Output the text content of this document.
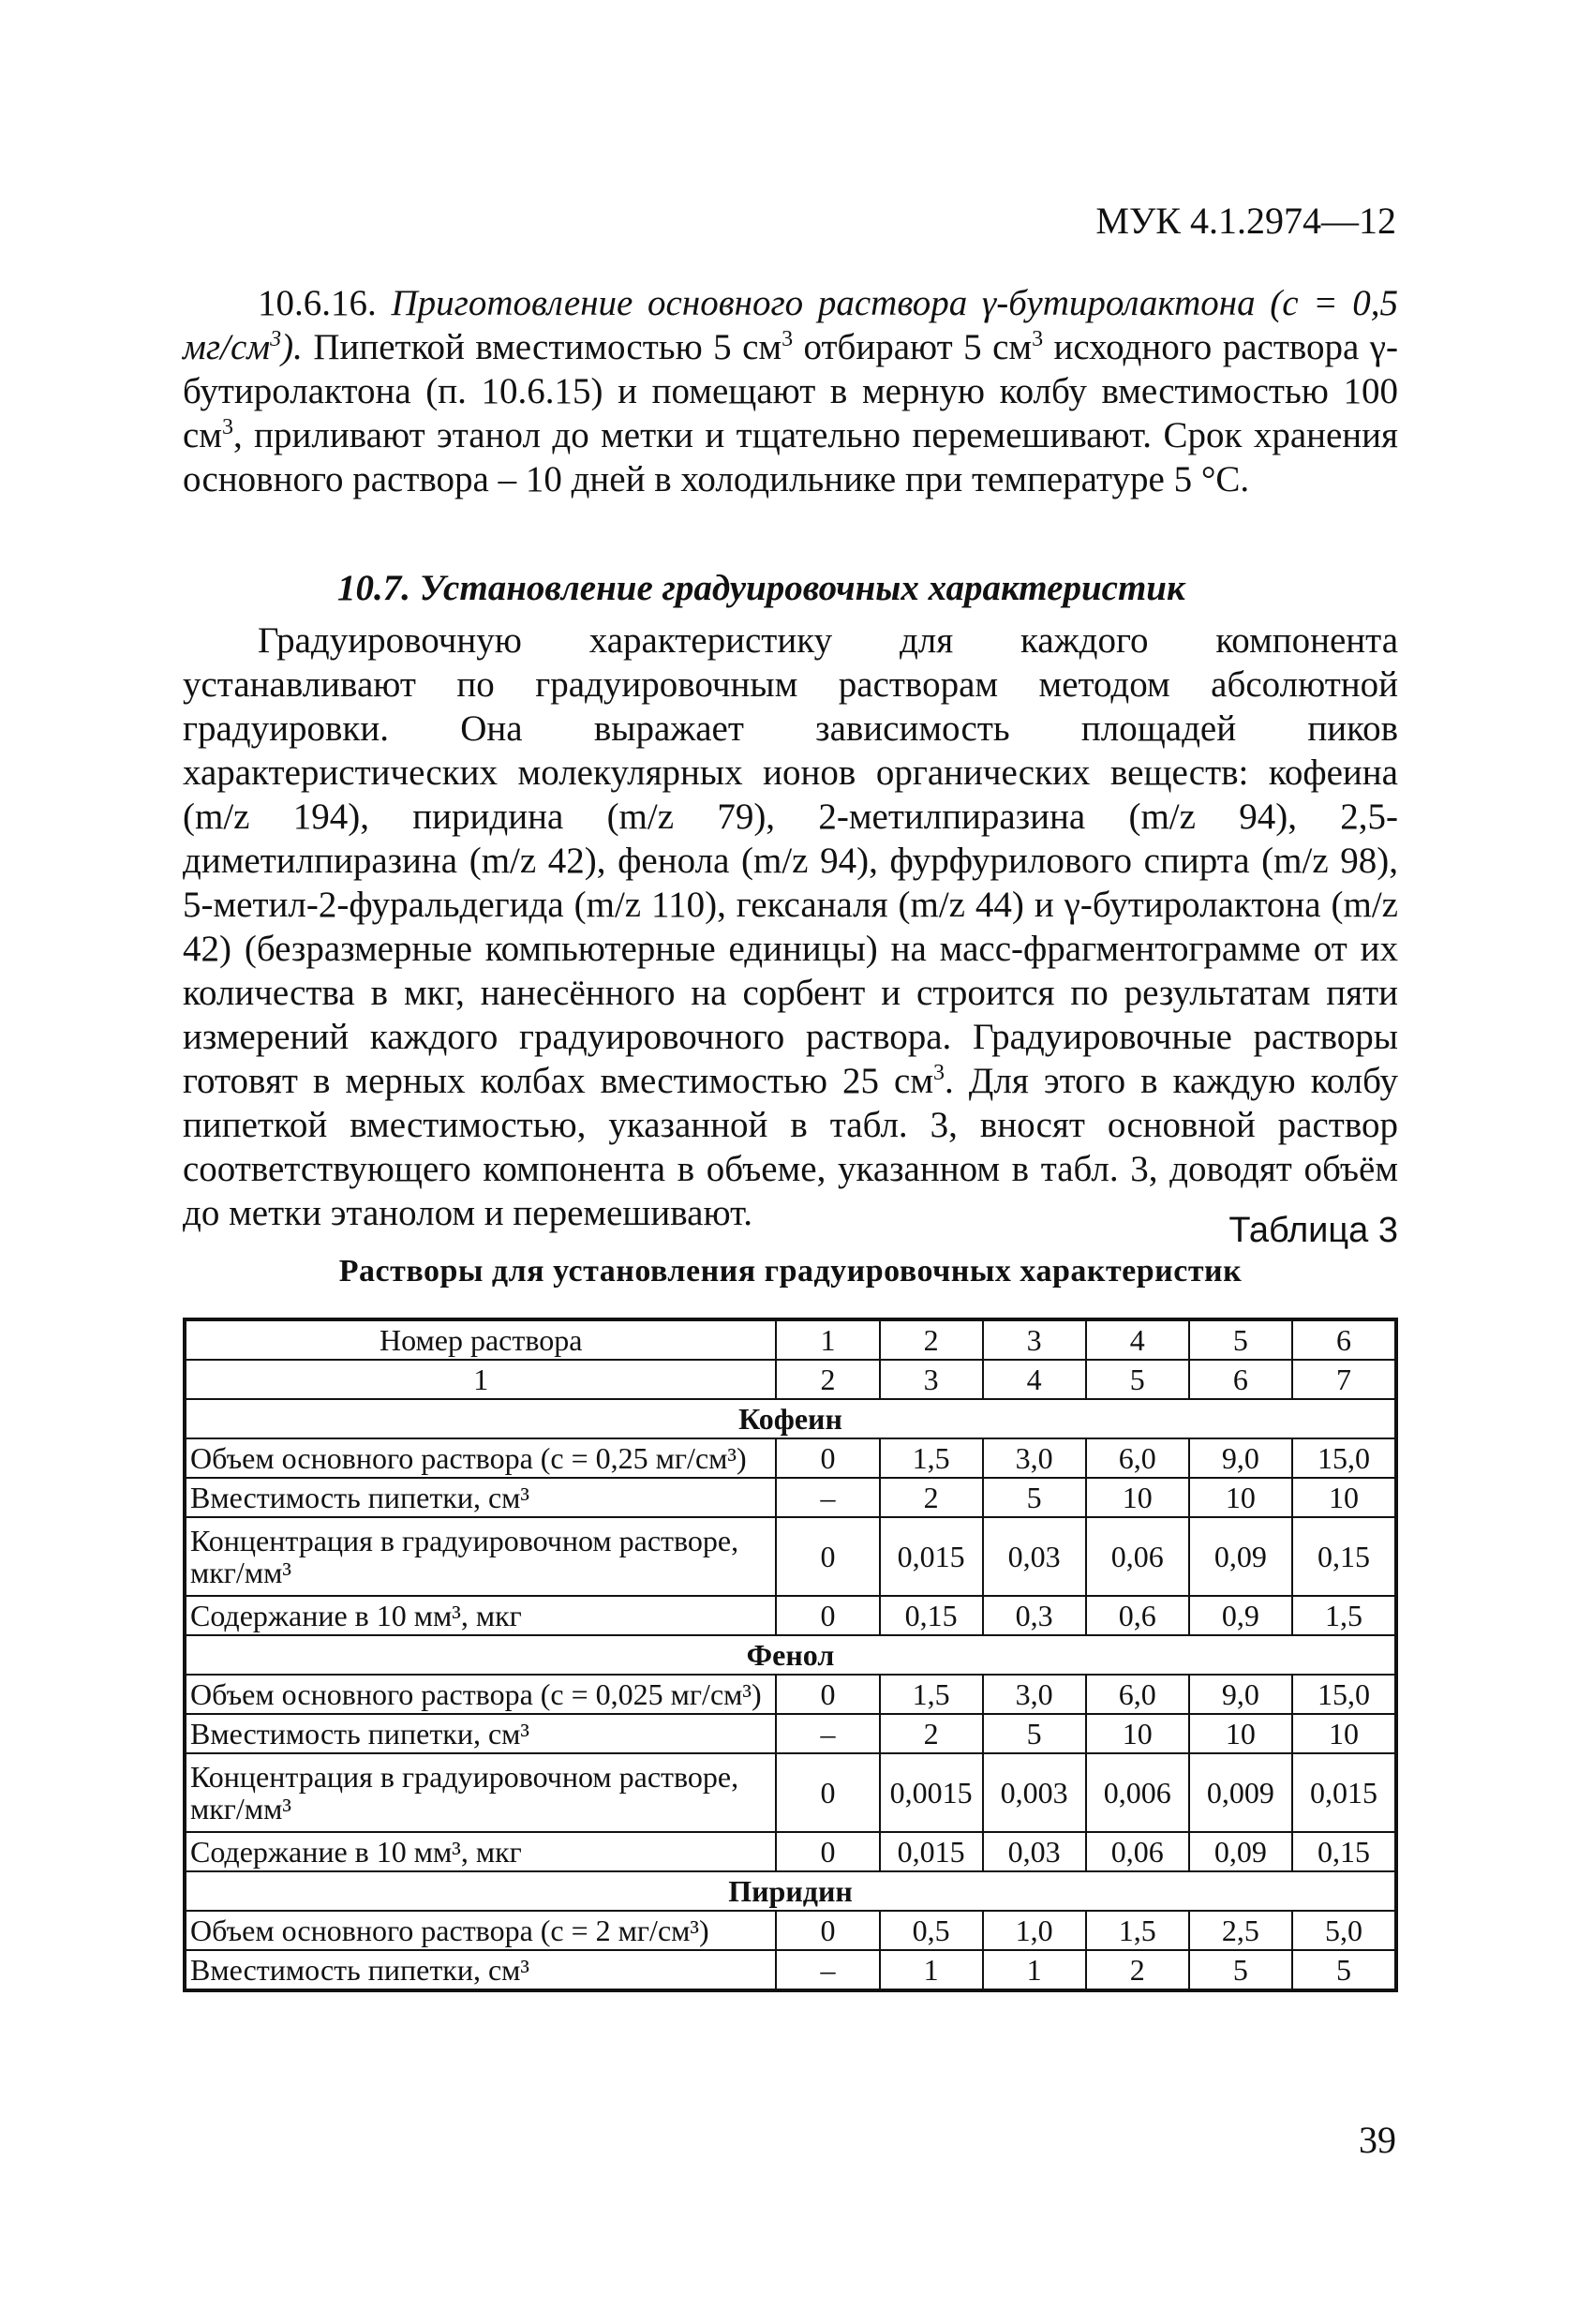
МУК 4.1.2974—12

10.6.16. Приготовление основного раствора γ-бутиролактона (с = 0,5 $мг/см^3$). Пипеткой вместимостью 5 $см^3$ отбирают 5 $см^3$ исходного раствора γ-бутиролактона (п. 10.6.15) и помещают в мерную колбу вместимостью 100 $см^3$, приливают этанол до метки и тщательно перемешивают. Срок хранения основного раствора – 10 дней в холодильнике при температуре 5 °С.

10.7. Установление градуировочных характеристик

Градуировочную характеристику для каждого компонента устанавливают по градуировочным растворам методом абсолютной градуировки. Она выражает зависимость площадей пиков характеристических молекулярных ионов органических веществ: кофеина (m/z 194), пиридина (m/z 79), 2-метилпиразина (m/z 94), 2,5-диметилпиразина (m/z 42), фенола (m/z 94), фурфурилового спирта (m/z 98), 5-метил-2-фуральдегида (m/z 110), гексаналя (m/z 44) и γ-бутиролактона (m/z 42) (безразмерные компьютерные единицы) на масс-фрагментограмме от их количества в мкг, нанесённого на сорбент и строится по результатам пяти измерений каждого градуировочного раствора. Градуировочные растворы готовят в мерных колбах вместимостью 25 $см^3$. Для этого в каждую колбу пипеткой вместимостью, указанной в табл. 3, вносят основной раствор соответствующего компонента в объеме, указанном в табл. 3, доводят объём до метки этанолом и перемешивают.	Таблица 3
Растворы для установления градуировочных характеристик
Номер раствора	1	2	3	4	5	6
1	2	3	4	5	6	7
Кофеин						
Объем основного раствора (с = 0,25 мг/см³)	0	1,5	3,0	6,0	9,0	15,0
Вместимость пипетки, см³	–	2	5	10	10	10
Концентрация в градуировочном растворе, мкг/мм³	0	0,015	0,03	0,06	0,09	0,15
Содержание в 10 мм³, мкг	0	0,15	0,3	0,6	0,9	1,5
Фенол						
Объем основного раствора (с = 0,025 мг/см³)	0	1,5	3,0	6,0	9,0	15,0
Вместимость пипетки, см³	–	2	5	10	10	10
Концентрация в градуировочном растворе, мкг/мм³	0	0,0015	0,003	0,006	0,009	0,015
Содержание в 10 мм³, мкг	0	0,015	0,03	0,06	0,09	0,15
Пиридин						
Объем основного раствора (с = 2 мг/см³)	0	0,5	1,0	1,5	2,5	5,0
Вместимость пипетки, см³	–	1	1	2	5	5
39
